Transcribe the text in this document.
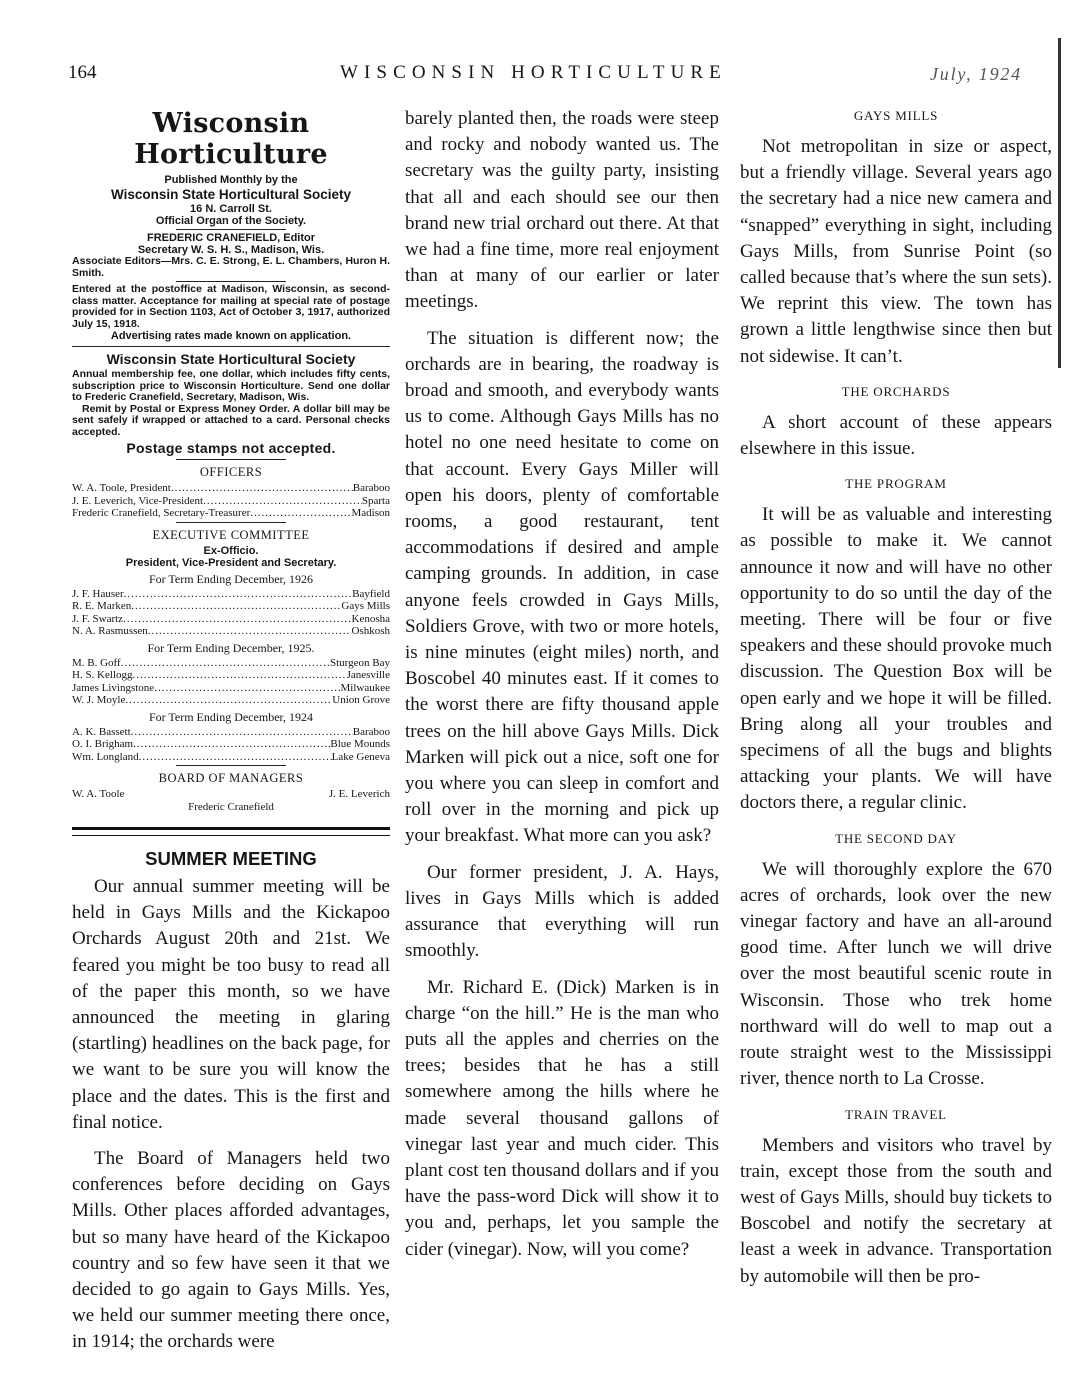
164	WISCONSIN HORTICULTURE	July, 1924
Wisconsin Horticulture
Published Monthly by the
Wisconsin State Horticultural Society
16 N. Carroll St.
Official Organ of the Society.
FREDERIC CRANEFIELD, Editor
Secretary W. S. H. S., Madison, Wis.

Associate Editors—Mrs. C. E. Strong, E. L. Chambers, Huron H. Smith.

Entered at the postoffice at Madison, Wisconsin, as second-class matter. Acceptance for mailing at special rate of postage provided for in Section 1103, Act of October 3, 1917, authorized July 15, 1918.

Advertising rates made known on application.
Wisconsin State Horticultural Society

Annual membership fee, one dollar, which includes fifty cents, subscription price to Wisconsin Horticulture. Send one dollar to Frederic Cranefield, Secretary, Madison, Wis.

Remit by Postal or Express Money Order. A dollar bill may be sent safely if wrapped or attached to a card. Personal checks accepted.

Postage stamps not accepted.
OFFICERS
W. A. Toole, President .....	Baraboo
J. E. Leverich, Vice-President .....	Sparta
Frederic Cranefield, Secretary-Treasurer .....	Madison
EXECUTIVE COMMITTEE
Ex-Officio.
President, Vice-President and Secretary.
For Term Ending December, 1926
J. F. Hauser .....	Bayfield
R. E. Marken .....	Gays Mills
J. F. Swartz .....	Kenosha
N. A. Rasmussen .....	Oshkosh
For Term Ending December, 1925.
M. B. Goff .....	Sturgeon Bay
H. S. Kellogg .....	Janesville
James Livingstone .....	Milwaukee
W. J. Moyle .....	Union Grove
For Term Ending December, 1924
A. K. Bassett .....	Baraboo
O. I. Brigham .....	Blue Mounds
Wm. Longland .....	Lake Geneva
BOARD OF MANAGERS
W. A. Toole	J. E. Leverich
Frederic Cranefield
SUMMER MEETING

Our annual summer meeting will be held in Gays Mills and the Kickapoo Orchards August 20th and 21st. We feared you might be too busy to read all of the paper this month, so we have announced the meeting in glaring (startling) headlines on the back page, for we want to be sure you will know the place and the dates. This is the first and final notice.

The Board of Managers held two conferences before deciding on Gays Mills. Other places afforded advantages, but so many have heard of the Kickapoo country and so few have seen it that we decided to go again to Gays Mills. Yes, we held our summer meeting there once, in 1914; the orchards were

barely planted then, the roads were steep and rocky and nobody wanted us. The secretary was the guilty party, insisting that all and each should see our then brand new trial orchard out there. At that we had a fine time, more real enjoyment than at many of our earlier or later meetings.

The situation is different now; the orchards are in bearing, the roadway is broad and smooth, and everybody wants us to come. Although Gays Mills has no hotel no one need hesitate to come on that account. Every Gays Miller will open his doors, plenty of comfortable rooms, a good restaurant, tent accommodations if desired and ample camping grounds. In addition, in case anyone feels crowded in Gays Mills, Soldiers Grove, with two or more hotels, is nine minutes (eight miles) north, and Boscobel 40 minutes east. If it comes to the worst there are fifty thousand apple trees on the hill above Gays Mills. Dick Marken will pick out a nice, soft one for you where you can sleep in comfort and roll over in the morning and pick up your breakfast. What more can you ask?

Our former president, J. A. Hays, lives in Gays Mills which is added assurance that everything will run smoothly.

Mr. Richard E. (Dick) Marken is in charge “on the hill.” He is the man who puts all the apples and cherries on the trees; besides that he has a still somewhere among the hills where he made several thousand gallons of vinegar last year and much cider. This plant cost ten thousand dollars and if you have the pass-word Dick will show it to you and, perhaps, let you sample the cider (vinegar). Now, will you come?

GAYS MILLS

Not metropolitan in size or aspect, but a friendly village. Several years ago the secretary had a nice new camera and “snapped” everything in sight, including Gays Mills, from Sunrise Point (so called because that’s where the sun sets). We reprint this view. The town has grown a little lengthwise since then but not sidewise. It can’t.

THE ORCHARDS

A short account of these appears elsewhere in this issue.

THE PROGRAM

It will be as valuable and interesting as possible to make it. We cannot announce it now and will have no other opportunity to do so until the day of the meeting. There will be four or five speakers and these should provoke much discussion. The Question Box will be open early and we hope it will be filled. Bring along all your troubles and specimens of all the bugs and blights attacking your plants. We will have doctors there, a regular clinic.

THE SECOND DAY

We will thoroughly explore the 670 acres of orchards, look over the new vinegar factory and have an all-around good time. After lunch we will drive over the most beautiful scenic route in Wisconsin. Those who trek home northward will do well to map out a route straight west to the Mississippi river, thence north to La Crosse.

TRAIN TRAVEL

Members and visitors who travel by train, except those from the south and west of Gays Mills, should buy tickets to Boscobel and notify the secretary at least a week in advance. Transportation by automobile will then be pro-
